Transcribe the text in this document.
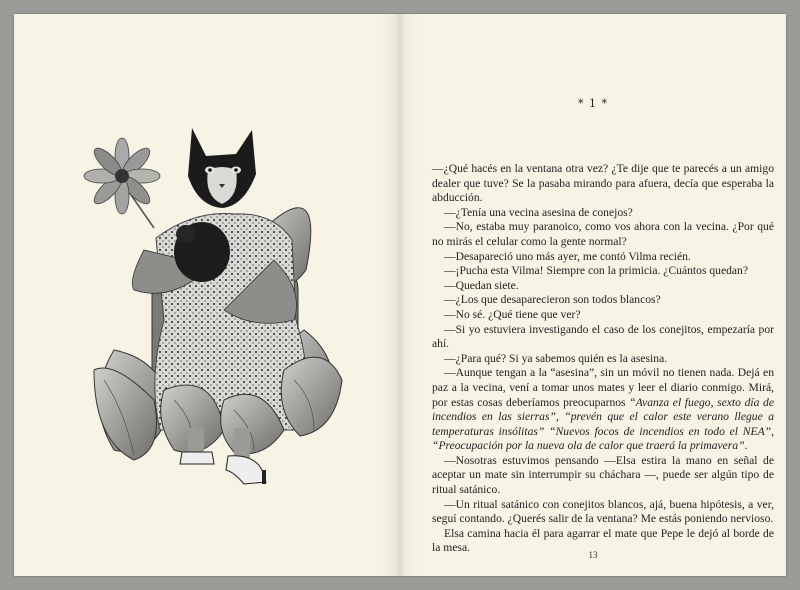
* 1 *

—¿Qué hacés en la ventana otra vez? ¿Te dije que te parecés a un amigo dealer que tuve? Se la pasaba mirando para afuera, decía que esperaba la abducción.

—¿Tenía una vecina asesina de conejos?

—No, estaba muy paranoico, como vos ahora con la vecina. ¿Por qué no mirás el celular como la gente normal?

—Desapareció uno más ayer, me contó Vilma recién.

—¡Pucha esta Vilma! Siempre con la primicia. ¿Cuántos quedan?

—Quedan siete.

—¿Los que desaparecieron son todos blancos?

—No sé. ¿Qué tiene que ver?

—Si yo estuviera investigando el caso de los conejitos, empezaría por ahí.

—¿Para qué? Si ya sabemos quién es la asesina.

—Aunque tengan a la “asesina”, sin un móvil no tienen nada. Dejá en paz a la vecina, vení a tomar unos mates y leer el diario conmigo. Mirá, por estas cosas deberíamos preocuparnos “Avanza el fuego, sexto día de incendios en las sierras”, “prevén que el calor este verano llegue a temperaturas insólitas” “Nuevos focos de incendios en todo el NEA”, “Preocupación por la nueva ola de calor que traerá la primavera”.

—Nosotras estuvimos pensando —Elsa estira la mano en señal de aceptar un mate sin interrumpir su cháchara —, puede ser algún tipo de ritual satánico.

—Un ritual satánico con conejitos blancos, ajá, buena hipótesis, a ver, seguí contando. ¿Querés salir de la ventana? Me estás poniendo nervioso.

Elsa camina hacia él para agarrar el mate que Pepe le dejó al borde de la mesa.

13
